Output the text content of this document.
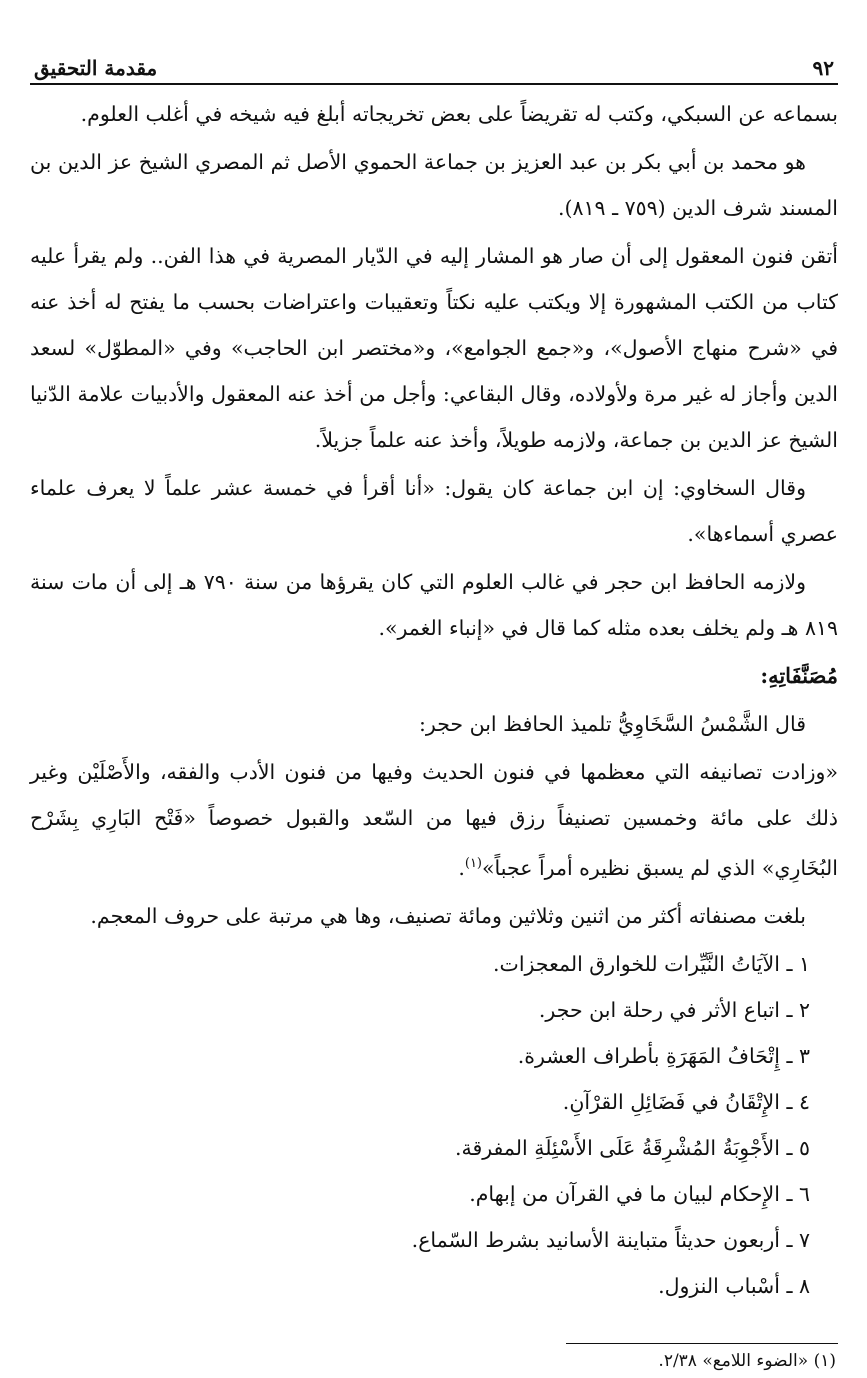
٩٢
مقدمة التحقيق

بسماعه عن السبكي، وكتب له تقريضاً على بعض تخريجاته أبلغ فيه شيخه في أغلب العلوم.

هو محمد بن أبي بكر بن عبد العزيز بن جماعة الحموي الأصل ثم المصري الشيخ عز الدين بن المسند شرف الدين (٧٥٩ ـ ٨١٩).

أتقن فنون المعقول إلى أن صار هو المشار إليه في الدّيار المصرية في هذا الفن.. ولم يقرأ عليه كتاب من الكتب المشهورة إلا ويكتب عليه نكتاً وتعقيبات واعتراضات بحسب ما يفتح له أخذ عنه في «شرح منهاج الأصول»، و«جمع الجوامع»، و«مختصر ابن الحاجب» وفي «المطوّل» لسعد الدين وأجاز له غير مرة ولأولاده، وقال البقاعي: وأجل من أخذ عنه المعقول والأدبيات علامة الدّنيا الشيخ عز الدين بن جماعة، ولازمه طويلاً، وأخذ عنه علماً جزيلاً.

وقال السخاوي: إن ابن جماعة كان يقول: «أنا أقرأ في خمسة عشر علماً لا يعرف علماء عصري أسماءها».

ولازمه الحافظ ابن حجر في غالب العلوم التي كان يقرؤها من سنة ٧٩٠ هـ إلى أن مات سنة ٨١٩ هـ ولم يخلف بعده مثله كما قال في «إنباء الغمر».

مُصَنَّفَاتِهِ:

قال الشَّمْسُ السَّخَاوِيُّ تلميذ الحافظ ابن حجر:

«وزادت تصانيفه التي معظمها في فنون الحديث وفيها من فنون الأدب والفقه، والأَصْلَيْن وغير ذلك على مائة وخمسين تصنيفاً رزق فيها من السّعد والقبول خصوصاً «فَتْح البَارِي بِشَرْح البُخَارِي» الذي لم يسبق نظيره أمراً عجباً»$^{(١)}$.

بلغت مصنفاته أكثر من اثنين وثلاثين ومائة تصنيف، وها هي مرتبة على حروف المعجم.

١ ـ الآيَاتُ النَّيِّرات للخوارق المعجزات.
٢ ـ اتباع الأثر في رحلة ابن حجر.
٣ ـ إِتْحَافُ المَهَرَةِ بأطراف العشرة.
٤ ـ الإِتْقَانُ في فَضَائِلِ القرْآنِ.
٥ ـ الأَجْوِبَةُ المُشْرِقَةُ عَلَى الأَسْئِلَةِ المفرقة.
٦ ـ الإِحكام لبيان ما في القرآن من إبهام.
٧ ـ أربعون حديثاً متباينة الأسانيد بشرط السّماع.
٨ ـ أسْباب النزول.

(١) «الضوء اللامع» ٢/٣٨.
